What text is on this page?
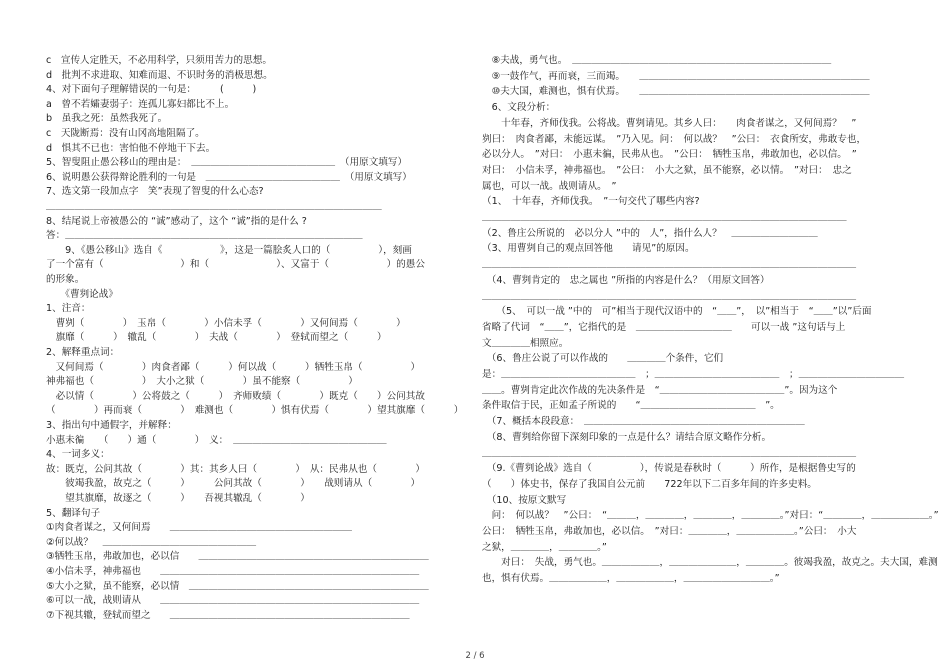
c　宣传人定胜天，不必用科学，只须用苦力的思想。
d　批判不求进取、知难而退、不识时务的消极思想。
4、对下面句子理解错误的一句是：　　　(　　　)
a　曾不若孀妻弱子：连孤儿寡妇都比不上。
b　虽我之死：虽然我死了。
c　天陇断焉：没有山冈高地阻隔了。
d　惧其不已也：害怕他不停地干下去。
5、智叟阻止愚公移山的理由是：　＿＿＿＿＿＿＿＿＿＿＿＿＿＿＿　（用原文填写）
6、说明愚公获得辩论胜利的一句是　＿＿＿＿＿＿＿＿＿＿＿＿＿＿　（用原文填写）
7、选文第一段加点字　笑”表现了智叟的什么心态?
＿＿＿＿＿＿＿＿＿＿＿＿＿＿＿＿＿＿＿＿＿＿＿＿＿＿＿＿＿＿＿＿＿＿＿
8、结尾说上帝被愚公的 “诚”感动了，这个 “诚”指的是什么 ?
答：＿＿＿＿＿＿＿＿＿＿＿＿＿＿＿＿＿＿＿＿＿＿＿＿＿＿＿＿＿＿＿
　　9、《愚公移山》选自《　　　　　　》，这是一篇脍炙人口的（　　　　　），刻画
了一个富有（　　　　　　　　）和（　　　　　　　）、又富于（　　　　　　）的愚公
的形象。
　　《曹刿论战》
1、注音：
　曹刿（　　　　）　玉帛（　　　　）小信未孚（　　　　）又何间焉（　　　　）
　旗靡（　　　）　辙乱（　　　　）　夫战（　　　　）　登轼而望之（　　　）
2、解释重点词：
　又何间焉（　　　　）肉食者鄙（　　　）何以战（　　　）牺牲玉帛（　　　　　）
神弗福也（　　　　　）　大小之狱（　　　　）虽不能察（　　　　　）
　必以情（　　　　）公将鼓之（　　　）　齐师败绩（　　　　）既克（　　）公问其故
（　　　　）再而衰（　　　　）　难测也（　　　　）惧有伏焉（　　　　）望其旗靡（　　　）
3、指出句中通假字，并解释：
小惠未徧　　（　　）通（　　　　）　义：　＿＿＿＿＿＿＿＿＿＿＿＿＿＿＿＿
4、一词多义：
故：既克，公问其故（　　　　）其：其乡人曰（　　　　）　从：民弗从也（　　　　）
　　彼竭我盈，故克之（　　　）　　　公问其故（　　　　）　　战则请从（　　　　）
　　望其旗靡，故逐之（　　　）　　吾视其辙乱（　　　　）
5、翻译句子
①肉食者谋之，又何间焉　　＿＿＿＿＿＿＿＿＿＿＿＿＿＿＿＿＿＿＿
②何以战？　＿＿＿＿＿＿＿＿＿＿＿＿＿＿＿＿
③牺牲玉帛，弗敢加也，必以信　　＿＿＿＿＿＿＿＿＿＿＿＿＿＿＿＿＿＿＿＿＿＿＿＿
④小信未孚，神弗福也　　＿＿＿＿＿＿＿＿＿＿＿＿＿＿＿＿＿＿＿＿＿＿＿＿＿＿＿
⑤大小之狱，虽不能察，必以情　＿＿＿＿＿＿＿＿＿＿＿＿＿＿＿＿＿＿＿＿＿＿＿＿＿
⑥可以一战，战则请从　　＿＿＿＿＿＿＿＿＿＿＿＿＿＿＿＿＿＿＿＿＿＿＿＿＿＿＿
⑦下视其辙，登轼而望之　　＿＿＿＿＿＿＿＿＿＿＿＿＿＿＿＿＿＿＿＿＿＿＿＿＿
　⑧夫战，勇气也。　＿＿＿＿＿＿＿＿＿＿＿＿＿＿＿＿＿＿＿＿＿＿＿＿＿＿＿
　⑨一鼓作气，再而衰，三而竭。　　＿＿＿＿＿＿＿＿＿＿＿＿＿＿＿＿＿＿＿＿＿＿＿＿
　⑩夫大国，难测也，惧有伏焉。　　＿＿＿＿＿＿＿＿＿＿＿＿＿＿＿＿＿＿＿＿＿＿＿＿
　6、文段分析：
　　十年春，齐师伐我。公将战。曹刿请见。其乡人曰：　　肉食者谋之，又何间焉？　”
刿曰：　肉食者鄙，未能远谋。　”乃入见。问：　何以战？　”公曰：　衣食所安，弗敢专也，
必以分人。　”对曰：　小惠未徧，民弗从也。　”公曰：　牺牲玉帛，弗敢加也，必以信。　”
对曰：　小信未孚，神弗福也。　”公曰：　小大之狱，虽不能察，必以情。　”对曰：　忠之
属也，可以一战。战则请从。　”
（1、　十年春，齐师伐我。　”一句交代了哪些内容?
＿＿＿＿＿＿＿＿＿＿＿＿＿＿＿＿＿＿＿＿＿＿＿＿＿＿＿＿＿＿＿＿＿＿＿＿＿＿
（2、鲁庄公所说的　必以分人 ”中的　人”，指什么人？　＿＿＿＿＿＿＿＿＿
（3、用曹刿自己的观点回答他　　请见”的原因。
＿＿＿＿＿＿＿＿＿＿＿＿＿＿＿＿＿＿＿＿＿＿＿＿＿＿＿＿＿＿＿＿＿＿＿＿＿＿＿
　（4、曹刿肯定的　忠之属也 ”所指的内容是什么？（用原文回答）
＿＿＿＿＿＿＿＿＿＿＿＿＿＿＿＿＿＿＿＿＿＿＿＿＿＿＿＿＿＿＿＿＿＿＿＿＿＿＿
　　（5、　可以一战 ”中的　可”相当于现代汉语中的　“＿＿”，　以”相当于　“＿＿”以”后面
省略了代词　“＿＿”，它指代的是　＿＿＿＿＿＿＿＿＿＿　　可以一战 ”这句话与上
文＿＿＿＿相照应。
　（6、鲁庄公说了可以作战的　　＿＿＿＿个条件，它们
是：＿＿＿＿＿＿＿＿＿＿＿＿＿＿　；＿＿＿＿＿＿＿＿＿＿＿＿＿　；＿＿＿＿＿＿＿＿＿＿＿
＿＿。曹刿肯定此次作战的先决条件是　“＿＿＿＿＿＿＿＿＿＿＿＿＿”。因为这个
条件取信于民，正如孟子所说的　　“＿＿＿＿＿＿＿＿＿＿＿＿　”。
　（7、概括本段段意：　＿＿＿＿＿＿＿＿＿＿＿＿＿＿＿＿＿＿＿＿＿＿＿
　（8、曹刿给你留下深刻印象的一点是什么？请结合原文略作分析。
＿＿＿＿＿＿＿＿＿＿＿＿＿＿＿＿＿＿＿＿＿＿＿＿＿＿＿＿＿＿＿＿＿＿＿＿＿＿＿
　（9.《曹刿论战》选自（　　　　　），传说是春秋时（　　　）所作，是根据鲁史写的
（　　）体史书，保存了我国自公元前　　722年以下二百多年间的许多史料。
　（10、按原文默写
　问：　何以战？　”公曰：　“＿＿＿，＿＿＿＿，＿＿＿＿，＿＿＿＿。”对曰：“＿＿＿＿，＿＿＿＿＿＿。”
公曰：　牺牲玉帛，弗敢加也，必以信。　”对曰：＿＿＿＿，＿＿＿＿＿＿。”公曰：　小大
之狱，＿＿＿＿，＿＿＿＿。”
　　对曰：　失战，勇气也。＿＿＿＿＿＿，＿＿＿＿＿＿＿，＿＿＿＿。彼竭我盈，故克之。夫大国，难测
也，惧有伏焉。＿＿＿＿＿＿，＿＿＿＿＿＿，＿＿＿＿＿＿＿＿＿。”
2 / 6
